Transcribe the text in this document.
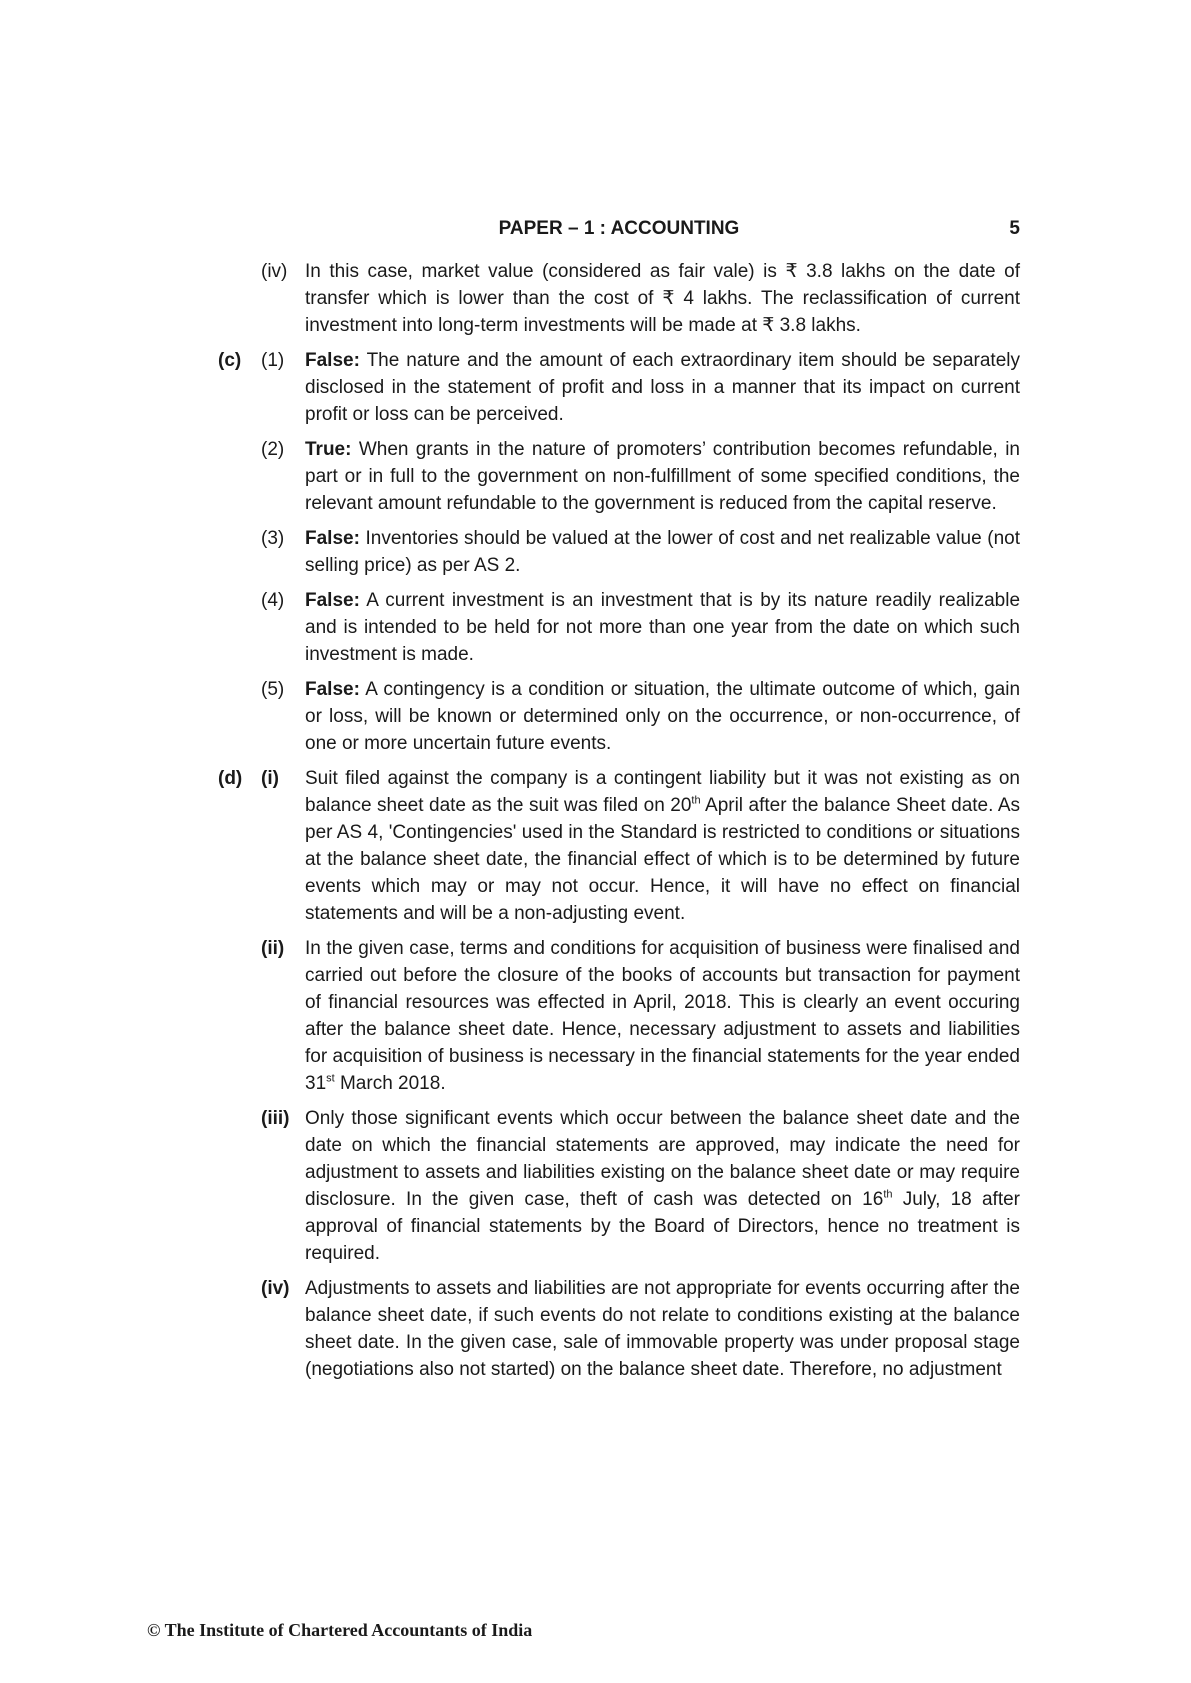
PAPER – 1 : ACCOUNTING	5
(iv) In this case, market value (considered as fair vale) is ₹ 3.8 lakhs on the date of transfer which is lower than the cost of ₹ 4 lakhs. The reclassification of current investment into long-term investments will be made at ₹ 3.8 lakhs.
(c) (1) False: The nature and the amount of each extraordinary item should be separately disclosed in the statement of profit and loss in a manner that its impact on current profit or loss can be perceived.
(2) True: When grants in the nature of promoters’ contribution becomes refundable, in part or in full to the government on non-fulfillment of some specified conditions, the relevant amount refundable to the government is reduced from the capital reserve.
(3) False: Inventories should be valued at the lower of cost and net realizable value (not selling price) as per AS 2.
(4) False: A current investment is an investment that is by its nature readily realizable and is intended to be held for not more than one year from the date on which such investment is made.
(5) False: A contingency is a condition or situation, the ultimate outcome of which, gain or loss, will be known or determined only on the occurrence, or non-occurrence, of one or more uncertain future events.
(d) (i) Suit filed against the company is a contingent liability but it was not existing as on balance sheet date as the suit was filed on 20th April after the balance Sheet date. As per AS 4, 'Contingencies' used in the Standard is restricted to conditions or situations at the balance sheet date, the financial effect of which is to be determined by future events which may or may not occur. Hence, it will have no effect on financial statements and will be a non-adjusting event.
(ii) In the given case, terms and conditions for acquisition of business were finalised and carried out before the closure of the books of accounts but transaction for payment of financial resources was effected in April, 2018. This is clearly an event occuring after the balance sheet date. Hence, necessary adjustment to assets and liabilities for acquisition of business is necessary in the financial statements for the year ended 31st March 2018.
(iii) Only those significant events which occur between the balance sheet date and the date on which the financial statements are approved, may indicate the need for adjustment to assets and liabilities existing on the balance sheet date or may require disclosure. In the given case, theft of cash was detected on 16th July, 18 after approval of financial statements by the Board of Directors, hence no treatment is required.
(iv) Adjustments to assets and liabilities are not appropriate for events occurring after the balance sheet date, if such events do not relate to conditions existing at the balance sheet date. In the given case, sale of immovable property was under proposal stage (negotiations also not started) on the balance sheet date. Therefore, no adjustment
© The Institute of Chartered Accountants of India
